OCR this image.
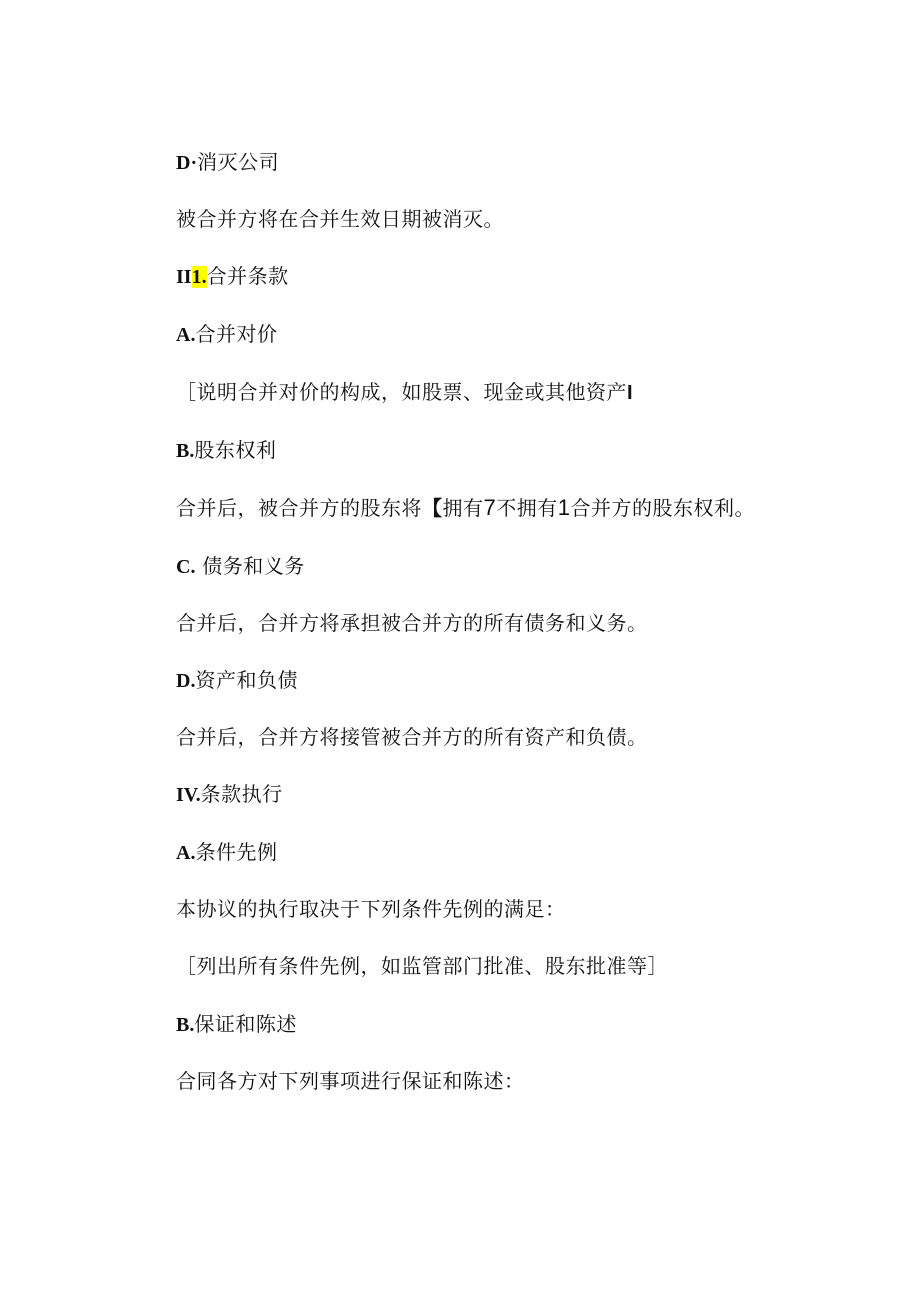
D·消灭公司
被合并方将在合并生效日期被消灭。
II1.合并条款
A.合并对价
［说明合并对价的构成，如股票、现金或其他资产I
B.股东权利
合并后，被合并方的股东将【拥有7不拥有1合并方的股东权利。
C. 债务和义务
合并后，合并方将承担被合并方的所有债务和义务。
D.资产和负债
合并后，合并方将接管被合并方的所有资产和负债。
IV.条款执行
A.条件先例
本协议的执行取决于下列条件先例的满足：
［列出所有条件先例，如监管部门批准、股东批准等］
B.保证和陈述
合同各方对下列事项进行保证和陈述：
